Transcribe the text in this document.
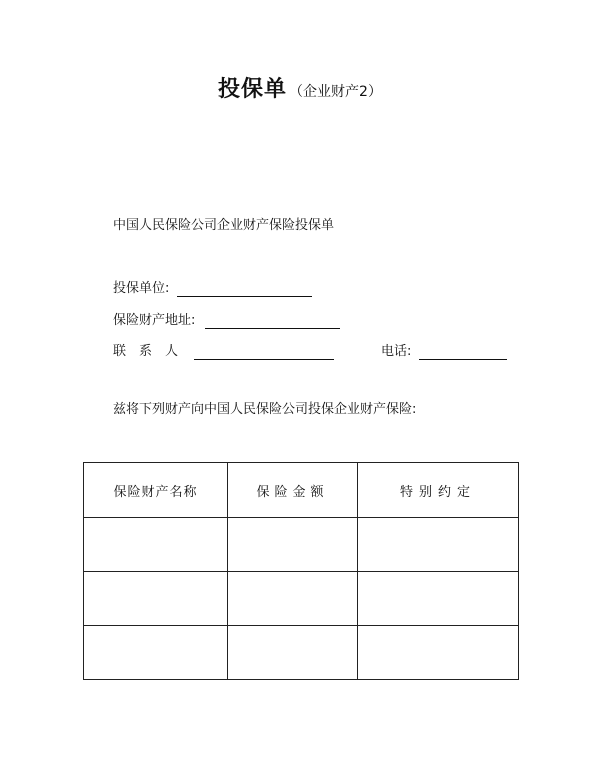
投保单 （企业财产2）
中国人民保险公司企业财产保险投保单
投保单位:
保险财产地址:
联系人	电话:
兹将下列财产向中国人民保险公司投保企业财产保险:
保险财产名称	保险金额	特别约定
